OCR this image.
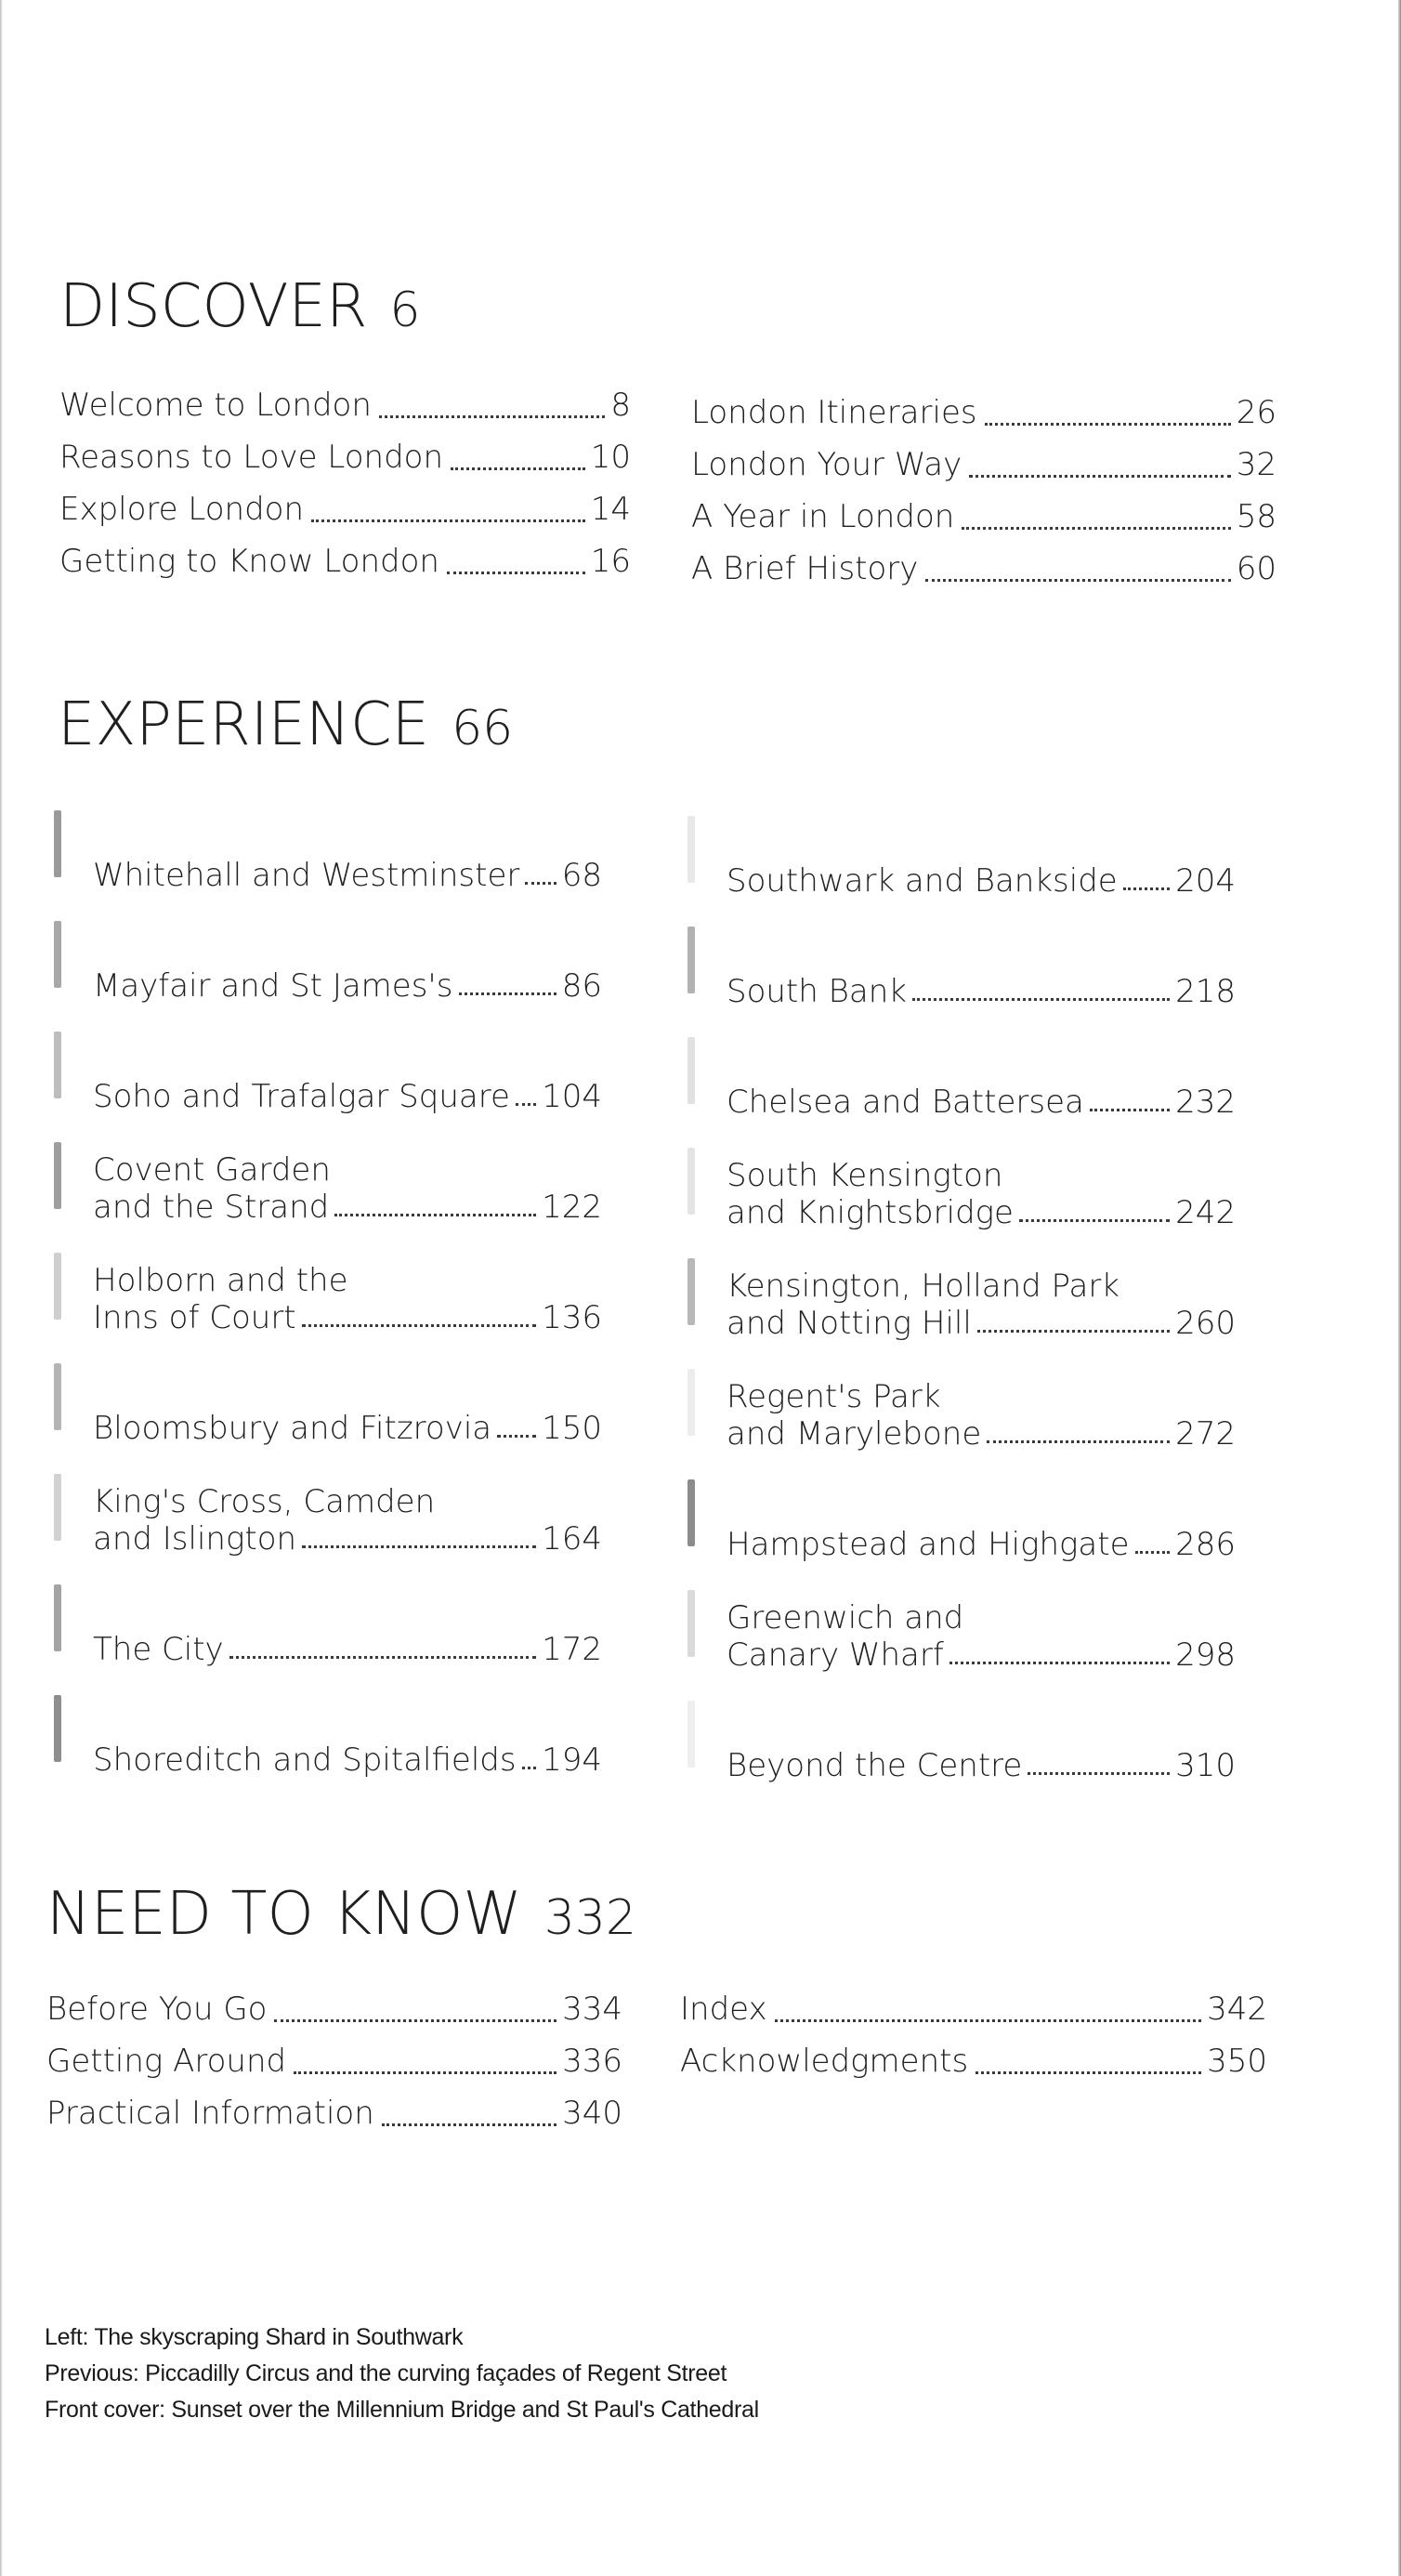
DISCOVER 6
Welcome to London	8
Reasons to Love London	10
Explore London	14
Getting to Know London	16
London Itineraries	26
London Your Way	32
A Year in London	58
A Brief History	60
EXPERIENCE 66
Whitehall and Westminster 68
Mayfair and St James's	86
Soho and Trafalgar Square 104
Covent Garden
and the Strand	122
Holborn and the
Inns of Court	136
Bloomsbury and Fitzrovia 150
King's Cross, Camden
and Islington	164
The City	172
Shoreditch and Spitalfields 194
Southwark and Bankside 204
South Bank	218
Chelsea and Battersea	232
South Kensington
and Knightsbridge	242
Kensington, Holland Park
and Notting Hill	260
Regent's Park
and Marylebone	272
Hampstead and Highgate 286
Greenwich and
Canary Wharf	298
Beyond the Centre	310
NEED TO KNOW 332
Before You Go	334
Getting Around	336
Practical Information	340
Index	342
Acknowledgments	350
Left: The skyscraping Shard in Southwark
Previous: Piccadilly Circus and the curving façades of Regent Street
Front cover: Sunset over the Millennium Bridge and St Paul's Cathedral
